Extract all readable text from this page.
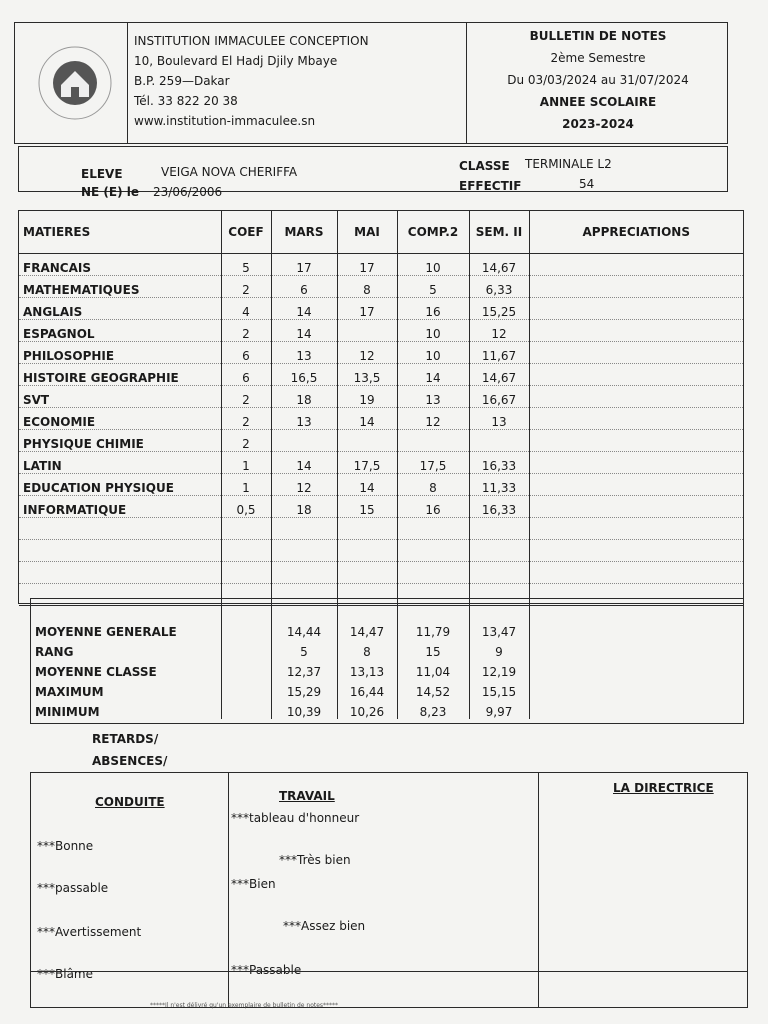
INSTITUTION IMMACULEE CONCEPTION
10, Boulevard El Hadj Djily Mbaye
B.P. 259—Dakar
Tél. 33 822 20 38
www.institution-immaculee.sn
BULLETIN DE NOTES
2ème Semestre
Du 03/03/2024 au 31/07/2024
ANNEE SCOLAIRE
2023-2024
ELEVE	VEIGA NOVA CHERIFFA
NE (E) le 23/06/2006
CLASSE TERMINALE L2
EFFECTIF	54
MATIERES	COEF	MARS	MAI	COMP.2	SEM. II	APPRECIATIONS
FRANCAIS	5	17	17	10	14,67	
MATHEMATIQUES	2	6	8	5	6,33	
ANGLAIS	4	14	17	16	15,25	
ESPAGNOL	2	14		10	12	
PHILOSOPHIE	6	13	12	10	11,67	
HISTOIRE GEOGRAPHIE	6	16,5	13,5	14	14,67	
SVT	2	18	19	13	16,67	
ECONOMIE	2	13	14	12	13	
PHYSIQUE CHIMIE	2					
LATIN	1	14	17,5	17,5	16,33	
EDUCATION PHYSIQUE	1	12	14	8	11,33	
INFORMATIQUE	0,5	18	15	16	16,33	

MOYENNE GENERALE		14,44	14,47	11,79	13,47	
RANG		5	8	15	9	
MOYENNE CLASSE		12,37	13,13	11,04	12,19	
MAXIMUM		15,29	16,44	14,52	15,15	
MINIMUM		10,39	10,26	8,23	9,97	
RETARDS/
ABSENCES/
CONDUITE
***Bonne
***passable
***Avertissement
***Blâme
TRAVAIL
***tableau d'honneur
***Très bien
***Bien
***Assez bien
***Passable
LA DIRECTRICE
*****Il n'est délivré qu'un exemplaire de bulletin de notes*****
